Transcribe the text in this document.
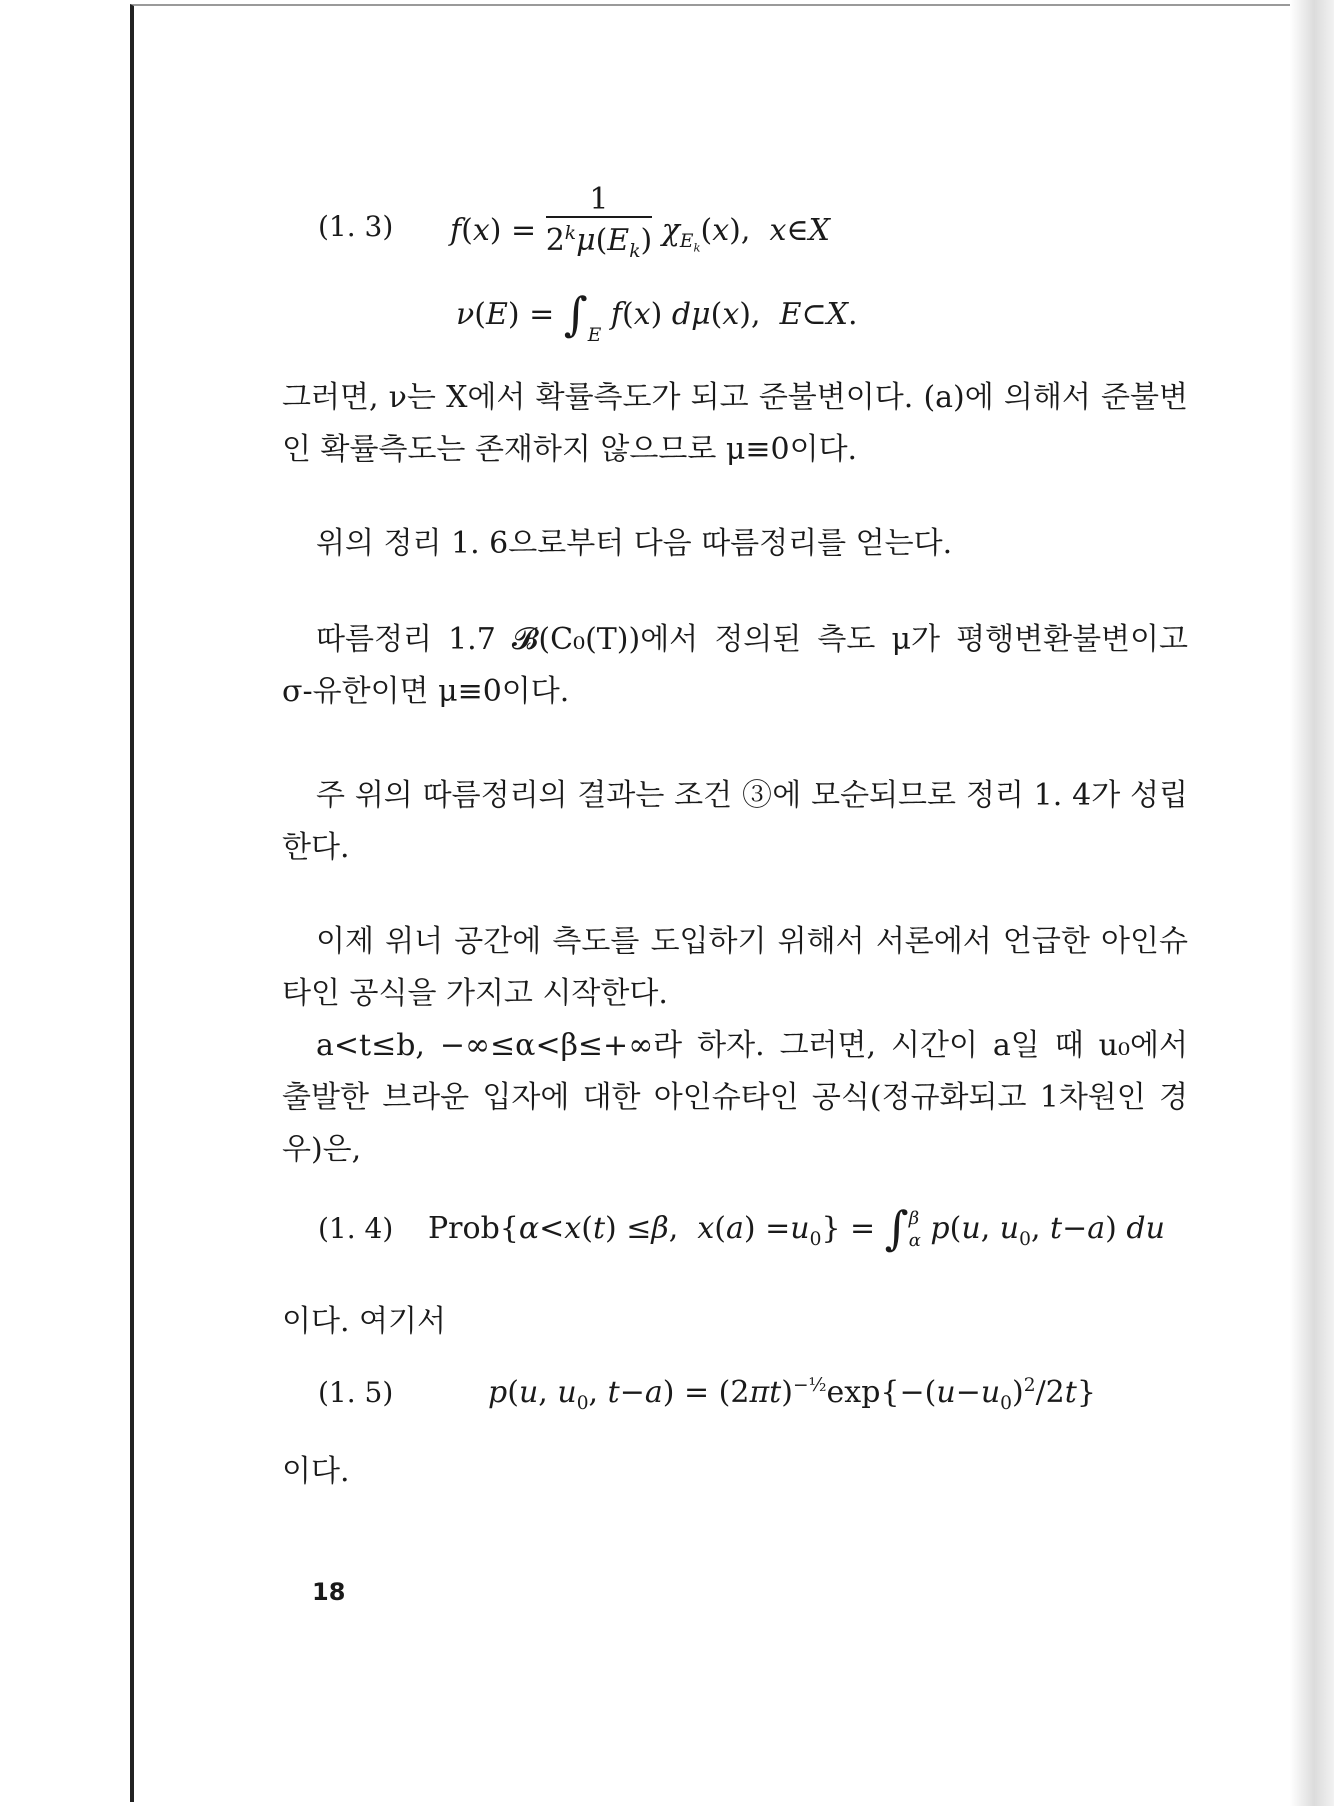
(1. 3) $f(x) = \frac{1}{2^k\mu(E_k)} \chi_{E_k}(x)$,  x∈X
$\nu(E) = \int_E$ f(x) dμ(x),  E⊂X.
그러면, ν는 X에서 확률측도가 되고 준불변이다. (a)에 의해서 준불변인 확률측도는 존재하지 않으므로 μ≡0이다.
위의 정리 1. 6으로부터 다음 따름정리를 얻는다.
따름정리 1.7 𝓑(C₀(T))에서 정의된 측도 μ가 평행변환불변이고 σ-유한이면 μ≡0이다.
주 위의 따름정리의 결과는 조건 ③에 모순되므로 정리 1. 4가 성립한다.
이제 위너 공간에 측도를 도입하기 위해서 서론에서 언급한 아인슈타인 공식을 가지고 시작한다.
a<t≤b, −∞≤α<β≤+∞라 하자. 그러면, 시간이 a일 때 u₀에서 출발한 브라운 입자에 대한 아인슈타인 공식(정규화되고 1차원인 경우)은,
(1. 4) Prob{α<x(t) ≤β,  $x(a) =u_0$} = ∫ β
α p(u, $u_0$, t−a) du
이다. 여기서
(1. 5)	p(u, $u_0$, $t-a) = (2\pi t)^{-\frac{1}{2}}\exp\{-(u-u_0)^2/2t\}$
이다.
18
